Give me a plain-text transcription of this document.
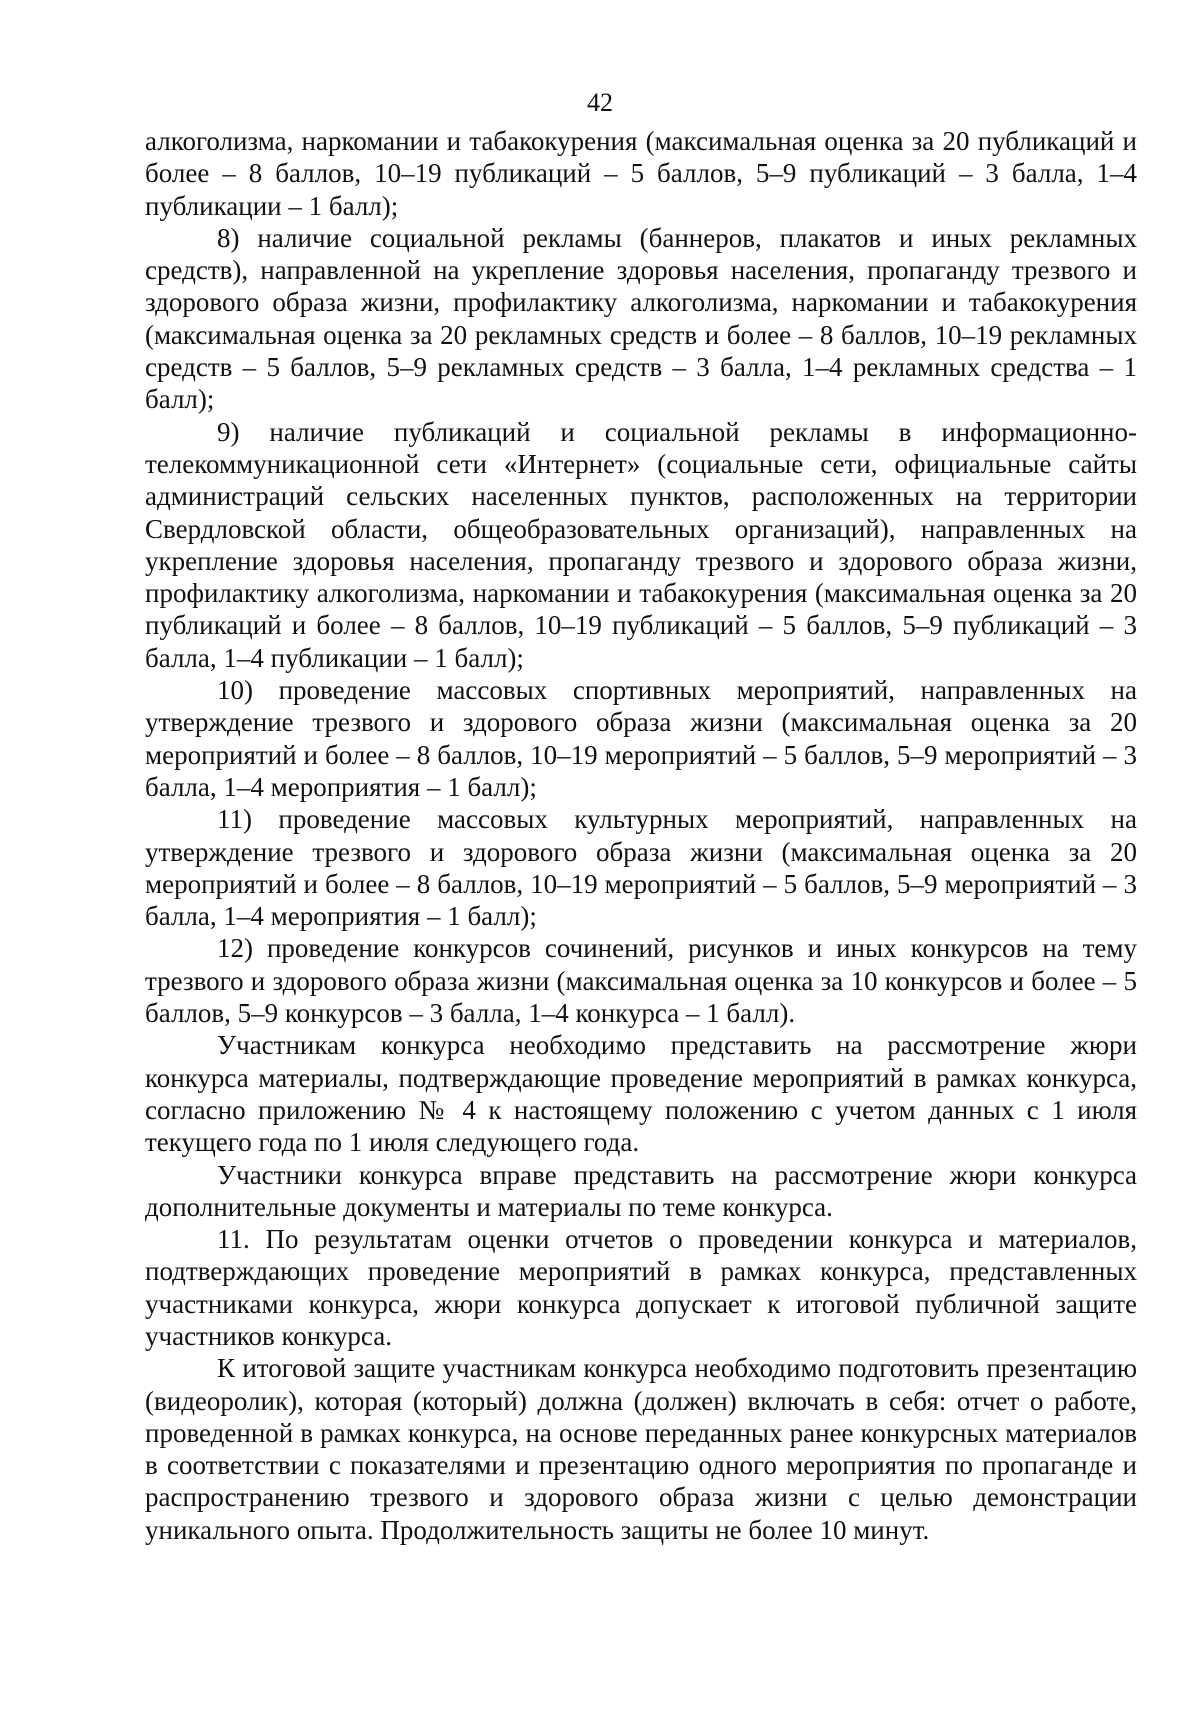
42

алкоголизма, наркомании и табакокурения (максимальная оценка за 20 публикаций и более – 8 баллов, 10–19 публикаций – 5 баллов, 5–9 публикаций – 3 балла, 1–4 публикации – 1 балл);

8) наличие социальной рекламы (баннеров, плакатов и иных рекламных средств), направленной на укрепление здоровья населения, пропаганду трезвого и здорового образа жизни, профилактику алкоголизма, наркомании и табакокурения (максимальная оценка за 20 рекламных средств и более – 8 баллов, 10–19 рекламных средств – 5 баллов, 5–9 рекламных средств – 3 балла, 1–4 рекламных средства – 1 балл);

9) наличие публикаций и социальной рекламы в информационно-телекоммуникационной сети «Интернет» (социальные сети, официальные сайты администраций сельских населенных пунктов, расположенных на территории Свердловской области, общеобразовательных организаций), направленных на укрепление здоровья населения, пропаганду трезвого и здорового образа жизни, профилактику алкоголизма, наркомании и табакокурения (максимальная оценка за 20 публикаций и более – 8 баллов, 10–19 публикаций – 5 баллов, 5–9 публикаций – 3 балла, 1–4 публикации – 1 балл);

10) проведение массовых спортивных мероприятий, направленных на утверждение трезвого и здорового образа жизни (максимальная оценка за 20 мероприятий и более – 8 баллов, 10–19 мероприятий – 5 баллов, 5–9 мероприятий – 3 балла, 1–4 мероприятия – 1 балл);

11) проведение массовых культурных мероприятий, направленных на утверждение трезвого и здорового образа жизни (максимальная оценка за 20 мероприятий и более – 8 баллов, 10–19 мероприятий – 5 баллов, 5–9 мероприятий – 3 балла, 1–4 мероприятия – 1 балл);

12) проведение конкурсов сочинений, рисунков и иных конкурсов на тему трезвого и здорового образа жизни (максимальная оценка за 10 конкурсов и более – 5 баллов, 5–9 конкурсов – 3 балла, 1–4 конкурса – 1 балл).

Участникам конкурса необходимо представить на рассмотрение жюри конкурса материалы, подтверждающие проведение мероприятий в рамках конкурса, согласно приложению № 4 к настоящему положению с учетом данных с 1 июля текущего года по 1 июля следующего года.

Участники конкурса вправе представить на рассмотрение жюри конкурса дополнительные документы и материалы по теме конкурса.

11. По результатам оценки отчетов о проведении конкурса и материалов, подтверждающих проведение мероприятий в рамках конкурса, представленных участниками конкурса, жюри конкурса допускает к итоговой публичной защите участников конкурса.

К итоговой защите участникам конкурса необходимо подготовить презентацию (видеоролик), которая (который) должна (должен) включать в себя: отчет о работе, проведенной в рамках конкурса, на основе переданных ранее конкурсных материалов в соответствии с показателями и презентацию одного мероприятия по пропаганде и распространению трезвого и здорового образа жизни с целью демонстрации уникального опыта. Продолжительность защиты не более 10 минут.
